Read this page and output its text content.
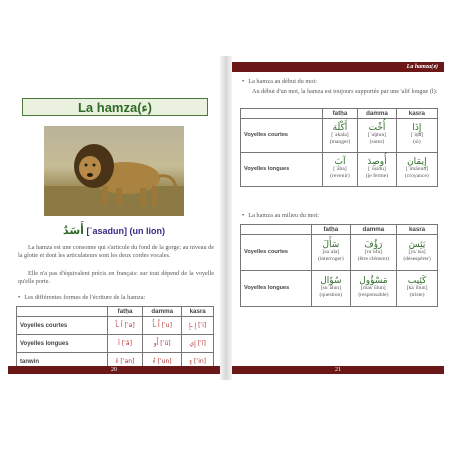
La hamza(ء)
أَسَدٌ [ʾasadun] (un lion)

La hamza est une consonne qui s'articule du fond de la gorge; au niveau de la glotte et dont les articulateurs sont les deux cordes vocales.

Elle n'a pas d'équivalent précis en français: sur tout dépend de la voyelle qu'elle porte.

• Les différentes formes de l'écriture de la hamza:
	fatḥa	damma	kasra
Voyelles courtes	أَ ـأَ [ʾa]	أُ ـأُ [ʾu]	إِ ـإِ [ʾi]
Voyelles longues	آ [ʾā]	أُو [ʾū]	إِي [ʾī]
tanwin	ءً [ʾan]	ءٌ [ʾun]	ءٍ [ʾin]
20
La hamza(ء)
• La hamza au début du mot:

Au début d'un mot, la hamza est toujours supportée par une 'alif longue (ا):

	fatḥa	damma	kasra
Voyelles courtes	أَكْلَة
[ʾakala]
(manger)	أُخْت
[ʾuḫtun]
(sœur)	إِذَا
[ʾiḏā]
(si)

Voyelles longues	آبَ
[ʾāba]
(revenir)	أُوصِدَ
[ʾūṣidu]
(je ferme)	إِيمَان
[ʾīmānun]
(croyance)
• La hamza au milieu du mot:
	fatḥa	damma	kasra
Voyelles courtes	سَأَلَ
[saʾala]
(interroger)	رَؤُفَ
[raʾufa]
(être clément)	يَئِسَ
[yaʾisa]
(désespérer)

Voyelles longues	سُؤَال
[suʾālun]
(question)	مَسْؤُول
[masʾūlun]
(responsable)	كَئِيب
[kaʾībun]
(triste)
21
